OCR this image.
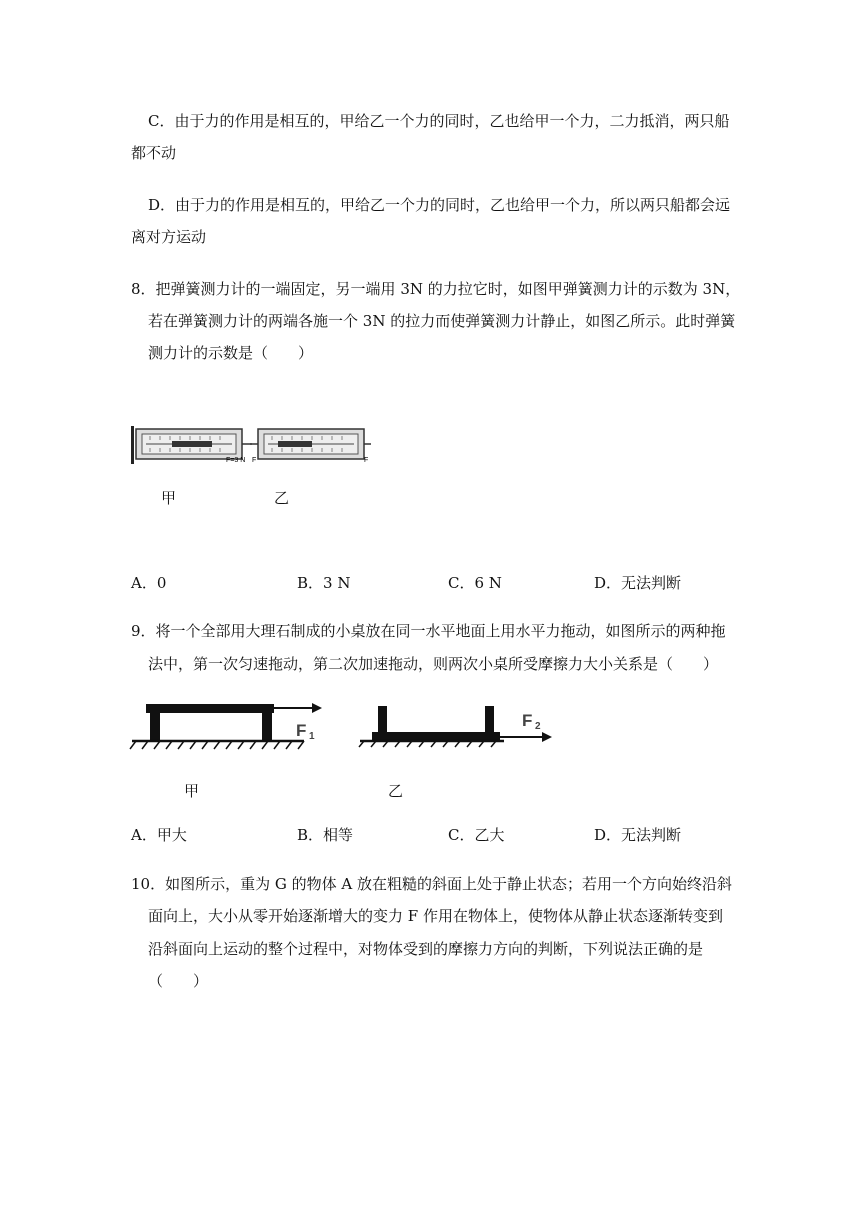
C．由于力的作用是相互的，甲给乙一个力的同时，乙也给甲一个力，二力抵消，两只船
都不动
D．由于力的作用是相互的，甲给乙一个力的同时，乙也给甲一个力，所以两只船都会远
离对方运动
8．把弹簧测力计的一端固定，另一端用 3N 的力拉它时，如图甲弹簧测力计的示数为 3N，
若在弹簧测力计的两端各施一个 3N 的拉力而使弹簧测力计静止，如图乙所示。此时弹簧
测力计的示数是（　　）
F=3 N F	F
甲	乙
A．0	B．3 N	C．6 N	D．无法判断
9．将一个全部用大理石制成的小桌放在同一水平地面上用水平力拖动，如图所示的两种拖
法中，第一次匀速拖动，第二次加速拖动，则两次小桌所受摩擦力大小关系是（　　）
F 1
F 2
甲	乙
A．甲大	B．相等	C．乙大	D．无法判断
10．如图所示，重为 G 的物体 A 放在粗糙的斜面上处于静止状态；若用一个方向始终沿斜
面向上，大小从零开始逐渐增大的变力 F 作用在物体上，使物体从静止状态逐渐转变到
沿斜面向上运动的整个过程中，对物体受到的摩擦力方向的判断，下列说法正确的是
（　　）
